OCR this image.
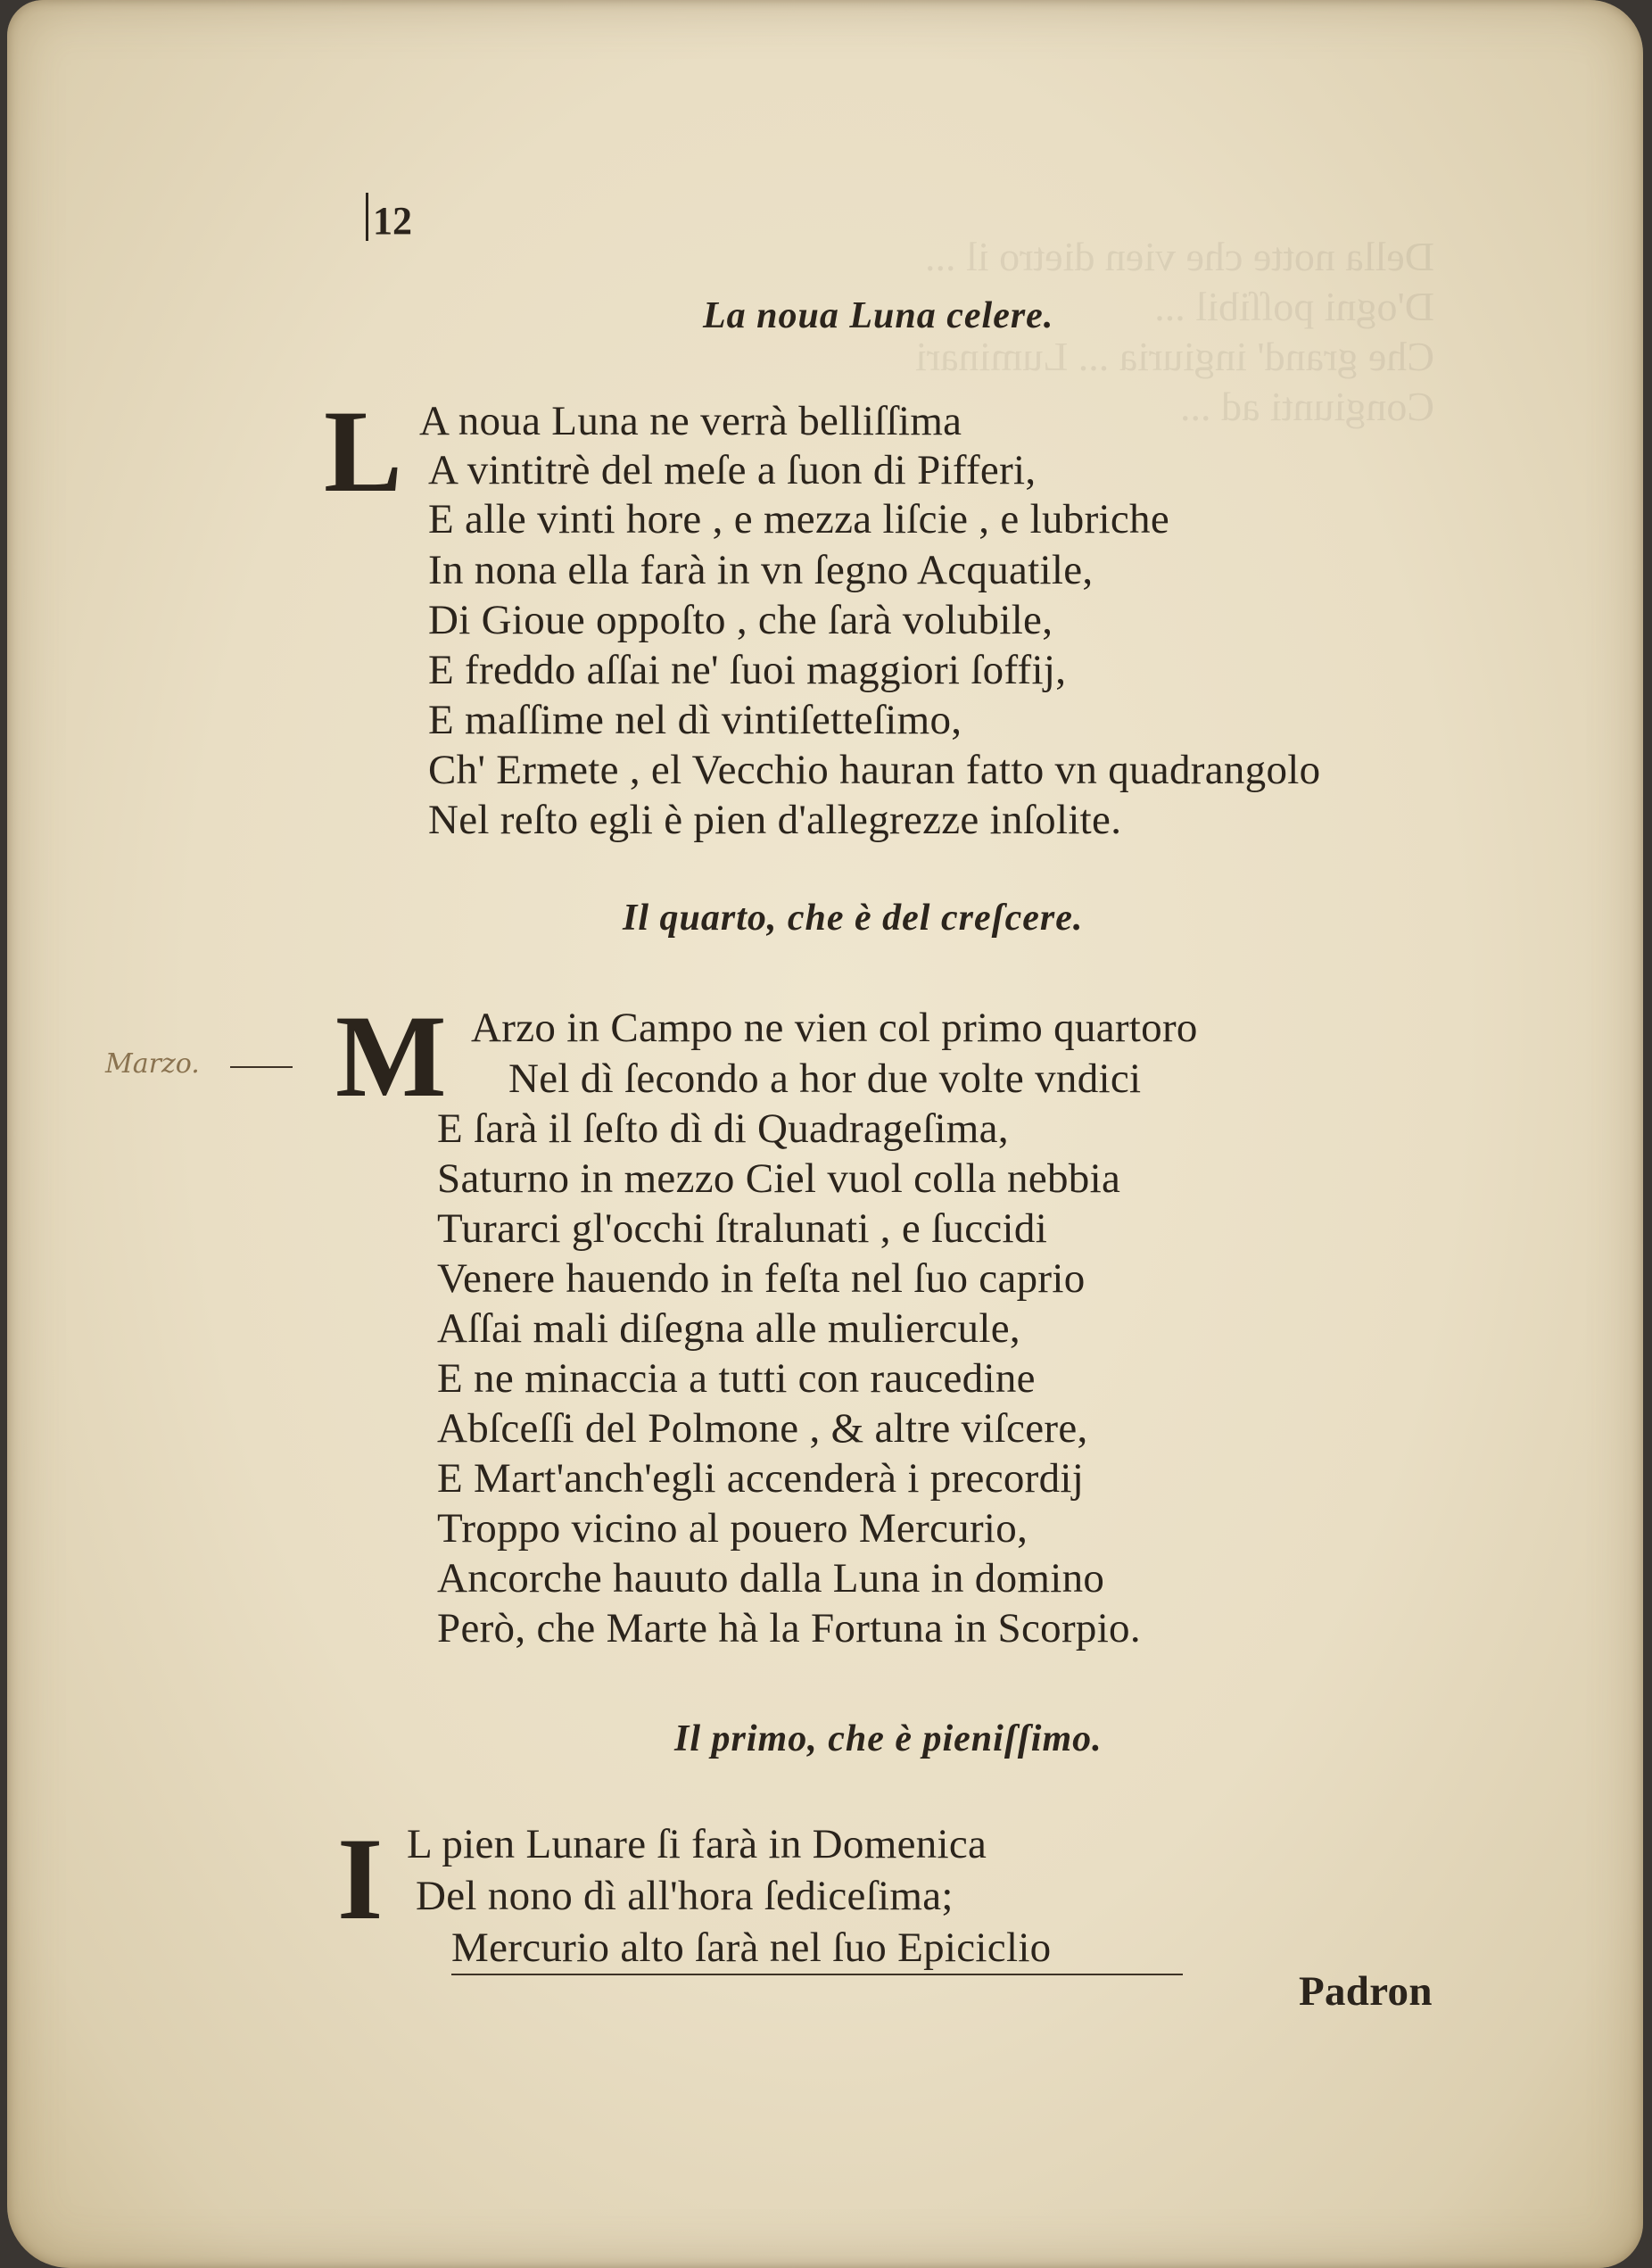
Della notte che vien dietro il ...
D'ogni poſſibil ...
Che grand' ingiuria ... Luminari
Congiunti ad ...
12
La noua Luna celere.
L A noua Luna ne verrà belliſſima
A vintitrè del meſe a ſuon di Pifferi,
E alle vinti hore , e mezza liſcie , e lubriche
In nona ella farà in vn ſegno Acquatile,
Di Gioue oppoſto , che ſarà volubile,
E freddo aſſai ne' ſuoi maggiori ſoffij,
E maſſime nel dì vintiſetteſimo,
Ch' Ermete , el Vecchio hauran fatto vn quadrangolo
Nel reſto egli è pien d'allegrezze inſolite.
Il quarto, che è del creſcere.
Marzo. M Arzo in Campo ne vien col primo quartoro
Nel dì ſecondo a hor due volte vndici
E ſarà il ſeſto dì di Quadrageſima,
Saturno in mezzo Ciel vuol colla nebbia
Turarci gl'occhi ſtralunati , e ſuccidi
Venere hauendo in feſta nel ſuo caprio
Aſſai mali diſegna alle muliercule,
E ne minaccia a tutti con raucedine
Abſceſſi del Polmone , & altre viſcere,
E Mart'anch'egli accenderà i precordij
Troppo vicino al pouero Mercurio,
Ancorche hauuto dalla Luna in domino
Però, che Marte hà la Fortuna in Scorpio.
Il primo, che è pieniſſimo.
I L pien Lunare ſi farà in Domenica
Del nono dì all'hora ſediceſima;
Mercurio alto ſarà nel ſuo Epiciclio
Padron
